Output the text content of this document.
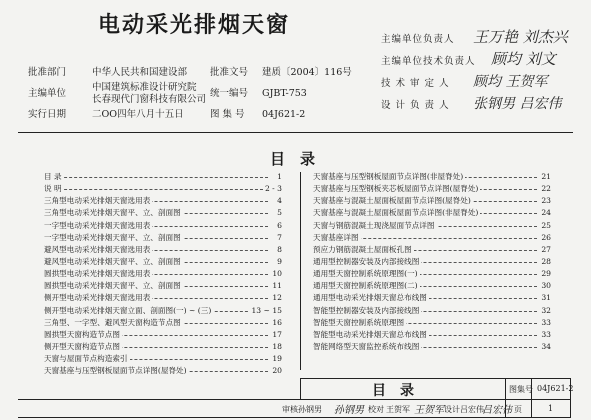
电动采光排烟天窗
批准部门	中华人民共和国建设部 批准文号 建质〔2004〕116号
主编单位
中国建筑标准设计研究院
长春现代门窗科技有限公司
统一编号 GJBT-753
实行日期	二OO四年八月十五日	图 集 号 04J621-2
主编单位负责人 王万艳 刘杰兴
主编单位技术负责人 顾均 刘文
技 术 审 定 人 顾均 王贺军
设 计 负 责 人 张钢男 吕宏伟
目　录
目 录	1
说 明	2 - 3
三角型电动采光排烟天窗选用表	4
三角型电动采光排烟天窗平、立、剖面图	5
一字型电动采光排烟天窗选用表	6
一字型电动采光排烟天窗平、立、剖面图	7
避风型电动采光排烟天窗选用表	8
避风型电动采光排烟天窗平、立、剖面图	9
圆拱型电动采光排烟天窗选用表	10
圆拱型电动采光排烟天窗平、立、剖面图	11
侧开型电动采光排烟天窗选用表	12
侧开型电动采光排烟天窗立面、剖面图(一) ~ (三)	13 ~ 15
三角型、一字型、避风型天窗构造节点图	16
圆拱型天窗构造节点图	17
侧开型天窗构造节点图	18
天窗与屋面节点构造索引	19
天窗基座与压型钢板屋面节点详图(屋脊处)	20
天窗基座与压型钢板屋面节点详图(非屋脊处)	21
天窗基座与压型钢板夹芯板屋面节点详图(屋脊处)	22
天窗基座与混凝土屋面板屋面节点详图(屋脊处)	23
天窗基座与混凝土屋面板屋面节点详图(非屋脊处)	24
天窗与钢筋混凝土现浇屋面节点详图	25
天窗基座详图	26
预应力钢筋混凝土屋面板孔图	27
通用型控制器安装及内部接线图	28
通用型天窗控制系统原理图(一)	29
通用型天窗控制系统原理图(二)	30
通用型电动采光排烟天窗总布线图	31
智能型控制器安装及内部接线图	32
智能型天窗控制系统原理图	33
智能型电动采光排烟天窗总布线图	33
智能网络型天窗监控系统布线图	34
目　录	图集号 04J621-2
审核 孙钢男 孙钢男 校对 王贺军 王贺军 设计 吕宏伟
吕宏伟 页	1
